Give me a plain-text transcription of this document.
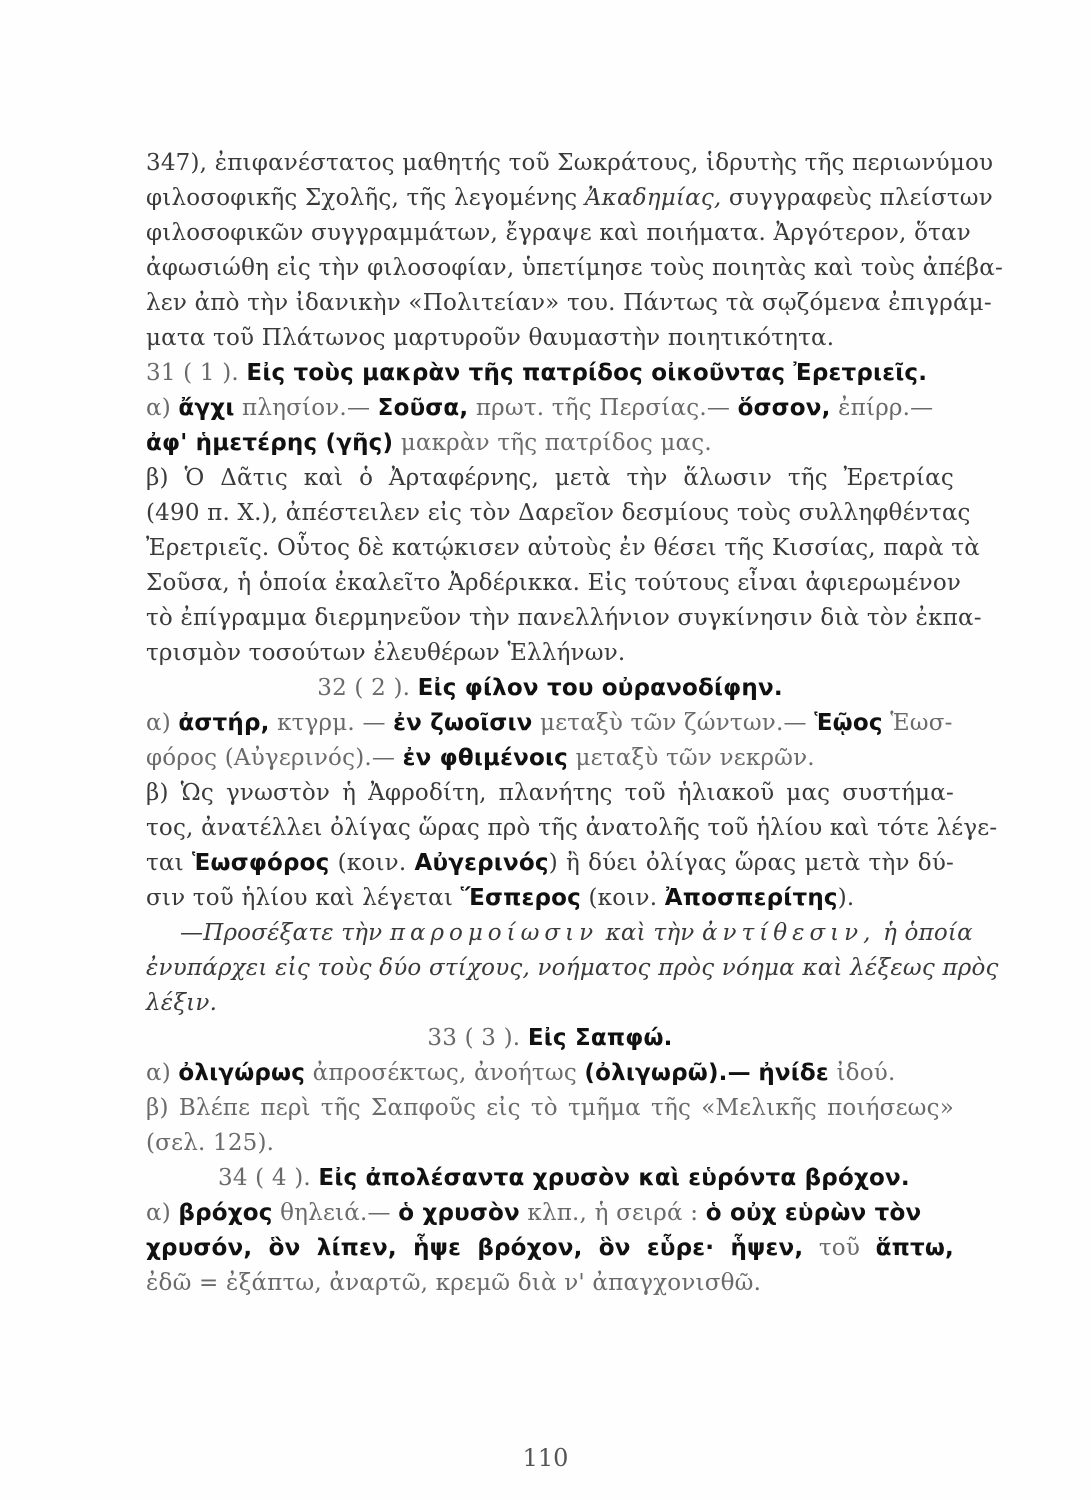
347), ἐπιφανέστατος μαθητής τοῦ Σωκράτους, ἱδρυτὴς τῆς περιωνύμου
φιλοσοφικῆς Σχολῆς, τῆς λεγομένης Ἀκαδημίας, συγγραφεὺς πλείστων
φιλοσοφικῶν συγγραμμάτων, ἔγραψε καὶ ποιήματα. Ἀργότερον, ὅταν
ἀφωσιώθη εἰς τὴν φιλοσοφίαν, ὑπετίμησε τοὺς ποιητὰς καὶ τοὺς ἀπέβα-
λεν ἀπὸ τὴν ἰδανικὴν «Πολιτείαν» του. Πάντως τὰ σῳζόμενα ἐπιγράμ-
ματα τοῦ Πλάτωνος μαρτυροῦν θαυμαστὴν ποιητικότητα.
31 ( 1 ). Εἰς τοὺς μακρὰν τῆς πατρίδος οἰκοῦντας Ἐρετριεῖς.
α) ἄγχι πλησίον.— Σοῦσα, πρωτ. τῆς Περσίας.— ὅσσον, ἐπίρρ.—
ἀφ' ἡμετέρης (γῆς) μακρὰν τῆς πατρίδος μας.
β) Ὁ Δᾶτις καὶ ὁ Ἀρταφέρνης, μετὰ τὴν ἅλωσιν τῆς Ἐρετρίας
(490 π. Χ.), ἀπέστειλεν εἰς τὸν Δαρεῖον δεσμίους τοὺς συλληφθέντας
Ἐρετριεῖς. Οὗτος δὲ κατῴκισεν αὐτοὺς ἐν θέσει τῆς Κισσίας, παρὰ τὰ
Σοῦσα, ἡ ὁποία ἐκαλεῖτο Ἀρδέρικκα. Εἰς τούτους εἶναι ἀφιερωμένον
τὸ ἐπίγραμμα διερμηνεῦον τὴν πανελλήνιον συγκίνησιν διὰ τὸν ἐκπα-
τρισμὸν τοσούτων ἐλευθέρων Ἑλλήνων.
32 ( 2 ). Εἰς φίλον του οὐρανοδίφην.
α) ἀστήρ, κτγρμ. — ἐν ζωοῖσιν μεταξὺ τῶν ζώντων.— Ἑῷος Ἑωσ-
φόρος (Αὐγερινός).— ἐν φθιμένοις μεταξὺ τῶν νεκρῶν.
β) Ὡς γνωστὸν ἡ Ἀφροδίτη, πλανήτης τοῦ ἡλιακοῦ μας συστήμα-
τος, ἀνατέλλει ὀλίγας ὥρας πρὸ τῆς ἀνατολῆς τοῦ ἡλίου καὶ τότε λέγε-
ται Ἑωσφόρος (κοιν. Αὐγερινός) ἢ δύει ὀλίγας ὥρας μετὰ τὴν δύ-
σιν τοῦ ἡλίου καὶ λέγεται Ἕσπερος (κοιν. Ἀποσπερίτης).
—Προσέξατε τὴν παρομοίωσιν καὶ τὴν ἀντίθεσιν, ἡ ὁποία
ἐνυπάρχει εἰς τοὺς δύο στίχους, νοήματος πρὸς νόημα καὶ λέξεως πρὸς
λέξιν.
33 ( 3 ). Εἰς Σαπφώ.
α) ὀλιγώρως ἀπροσέκτως, ἀνοήτως (ὀλιγωρῶ).— ἠνίδε ἰδού.
β) Βλέπε περὶ τῆς Σαπφοῦς εἰς τὸ τμῆμα τῆς «Μελικῆς ποιήσεως»
(σελ. 125).
34 ( 4 ). Εἰς ἀπολέσαντα χρυσὸν καὶ εὑρόντα βρόχον.
α) βρόχος θηλειά.— ὁ χρυσὸν κλπ., ἡ σειρά : ὁ οὐχ εὑρὼν τὸν
χρυσόν, ὃν λίπεν, ἧψε βρόχον, ὃν εὗρε· ἧψεν, τοῦ ἅπτω,
ἐδῶ = ἐξάπτω, ἀναρτῶ, κρεμῶ διὰ ν' ἀπαγχονισθῶ.
110
